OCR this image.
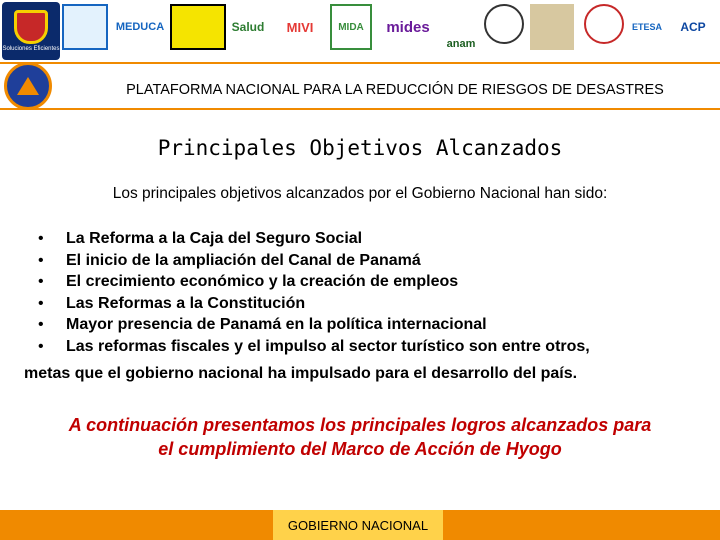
Soluciones Eficientes
MEDUCA	Salud MIVI MIDA mides
anam
ETESA ACP
PLATAFORMA NACIONAL PARA LA REDUCCIÓN DE RIESGOS DE DESASTRES
Principales Objetivos Alcanzados
Los principales objetivos alcanzados por el Gobierno Nacional han sido:
• La Reforma a la Caja del Seguro Social
• El inicio de la ampliación del Canal de Panamá
• El crecimiento económico y la creación de empleos
• Las Reformas a la Constitución
• Mayor presencia de Panamá en la política internacional
• Las reformas fiscales y el impulso al sector turístico son entre otros,
metas que el gobierno nacional ha impulsado para el desarrollo del país.
A continuación presentamos los principales logros alcanzados para
el cumplimiento del Marco de Acción de Hyogo
GOBIERNO NACIONAL
